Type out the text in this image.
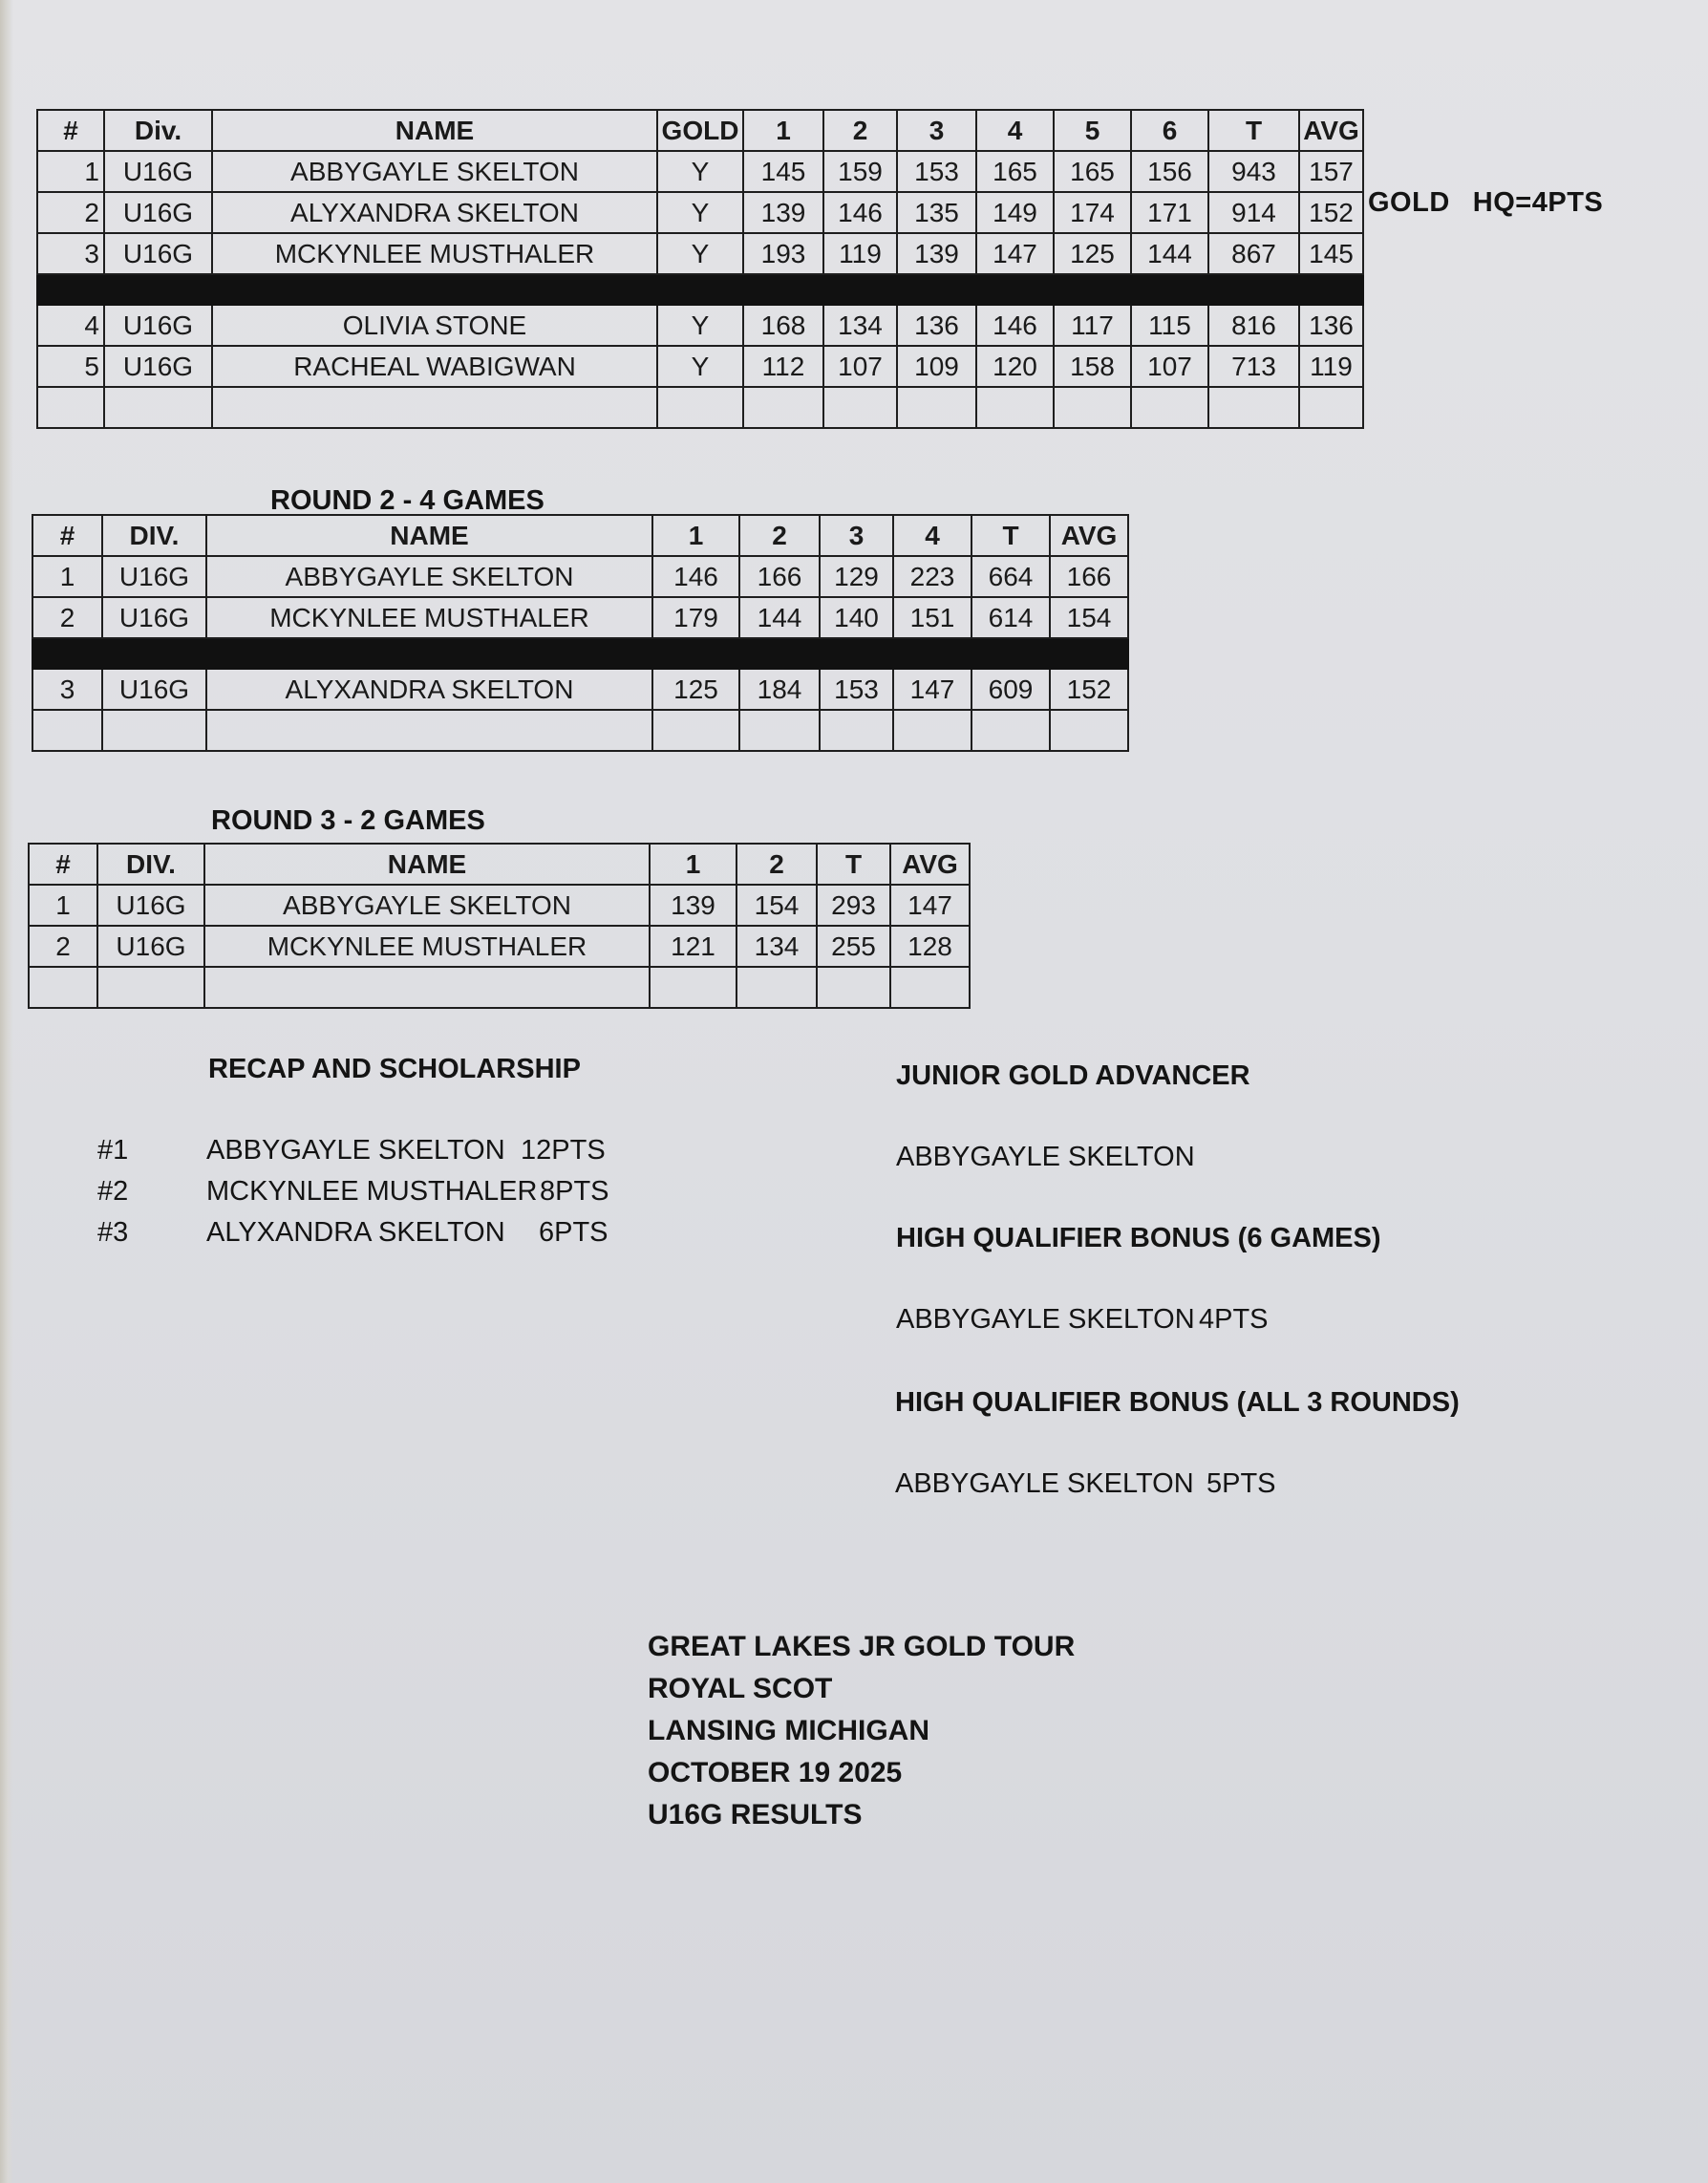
#	Div.	NAME	GOLD	1	2	3	4	5	6	T	AVG
1	U16G	ABBYGAYLE SKELTON	Y	145	159	153	165	165	156	943	157
2	U16G	ALYXANDRA SKELTON	Y	139	146	135	149	174	171	914	152
3	U16G	MCKYNLEE MUSTHALER	Y	193	119	139	147	125	144	867	145

4	U16G	OLIVIA STONE	Y	168	134	136	146	117	115	816	136
5	U16G	RACHEAL WABIGWAN	Y	112	107	109	120	158	107	713	119

GOLD HQ=4PTS
ROUND 2 - 4 GAMES
#	DIV.	NAME	1	2	3	4	T	AVG
1	U16G	ABBYGAYLE SKELTON	146	166	129	223	664	166
2	U16G	MCKYNLEE MUSTHALER	179	144	140	151	614	154

3	U16G	ALYXANDRA SKELTON	125	184	153	147	609	152

ROUND 3 - 2 GAMES
#	DIV.	NAME	1	2	T	AVG
1	U16G	ABBYGAYLE SKELTON	139	154	293	147
2	U16G	MCKYNLEE MUSTHALER	121	134	255	128

RECAP AND SCHOLARSHIP
#1	ABBYGAYLE SKELTON 12PTS
#2	MCKYNLEE MUSTHALER 8PTS
#3	ALYXANDRA SKELTON 6PTS
JUNIOR GOLD ADVANCER
ABBYGAYLE SKELTON
HIGH QUALIFIER BONUS (6 GAMES)
ABBYGAYLE SKELTON 4PTS
HIGH QUALIFIER BONUS (ALL 3 ROUNDS)
ABBYGAYLE SKELTON 5PTS
GREAT LAKES JR GOLD TOUR
ROYAL SCOT
LANSING MICHIGAN
OCTOBER 19 2025
U16G RESULTS
